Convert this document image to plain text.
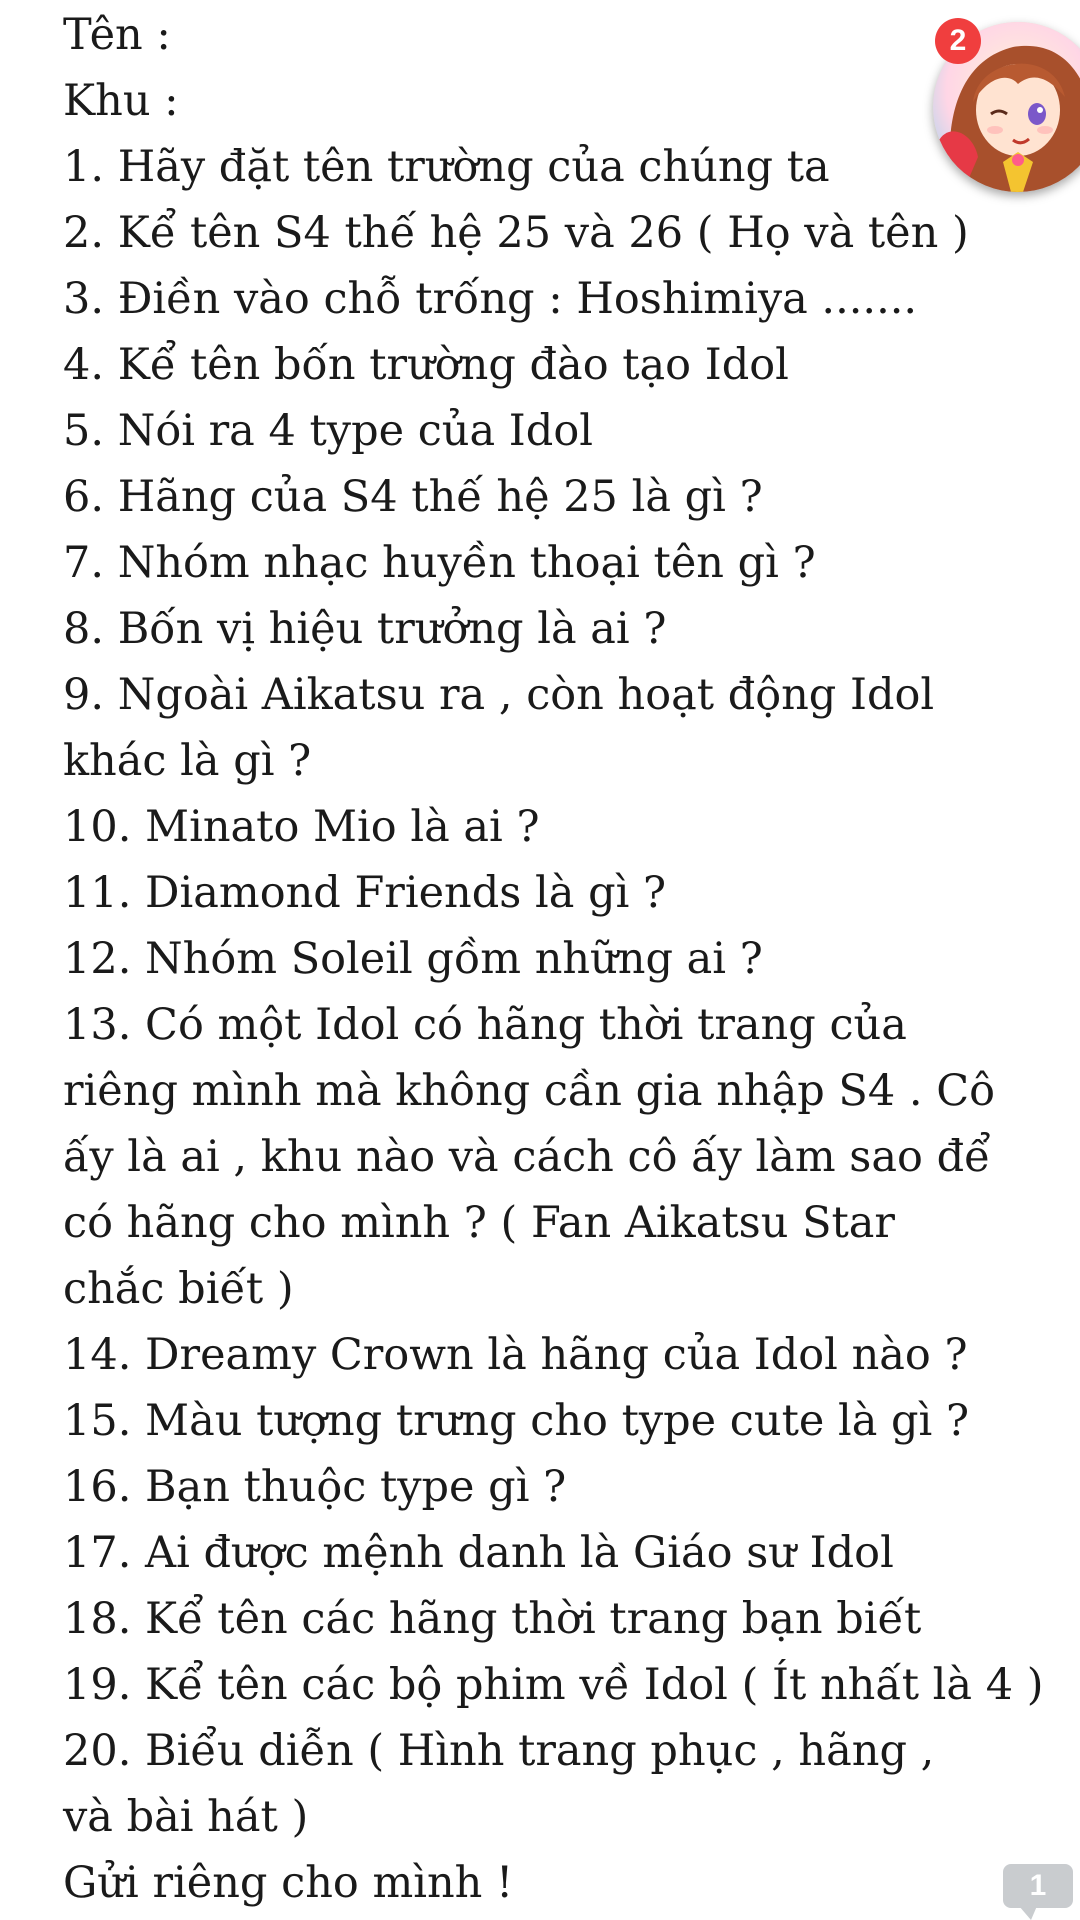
Tên :
Khu :
1. Hãy đặt tên trường của chúng ta
2. Kể tên S4 thế hệ 25 và 26 ( Họ và tên )
3. Điền vào chỗ trống : Hoshimiya .......
4. Kể tên bốn trường đào tạo Idol
5. Nói ra 4 type của Idol
6. Hãng của S4 thế hệ 25 là gì ?
7. Nhóm nhạc huyền thoại tên gì ?
8. Bốn vị hiệu trưởng là ai ?
9. Ngoài Aikatsu ra , còn hoạt động Idol khác là gì ?
10. Minato Mio là ai ?
11. Diamond Friends là gì ?
12. Nhóm Soleil gồm những ai ?
13. Có một Idol có hãng thời trang của riêng mình mà không cần gia nhập S4 . Cô ấy là ai , khu nào và cách cô ấy làm sao để có hãng cho mình ? ( Fan Aikatsu Star chắc biết )
14. Dreamy Crown là hãng của Idol nào ?
15. Màu tượng trưng cho type cute là gì ?
16. Bạn thuộc type gì ?
17. Ai được mệnh danh là Giáo sư Idol
18. Kể tên các hãng thời trang bạn biết
19. Kể tên các bộ phim về Idol ( Ít nhất là 4 )
20. Biểu diễn ( Hình trang phục , hãng , và bài hát )
Gửi riêng cho mình !
2
1
